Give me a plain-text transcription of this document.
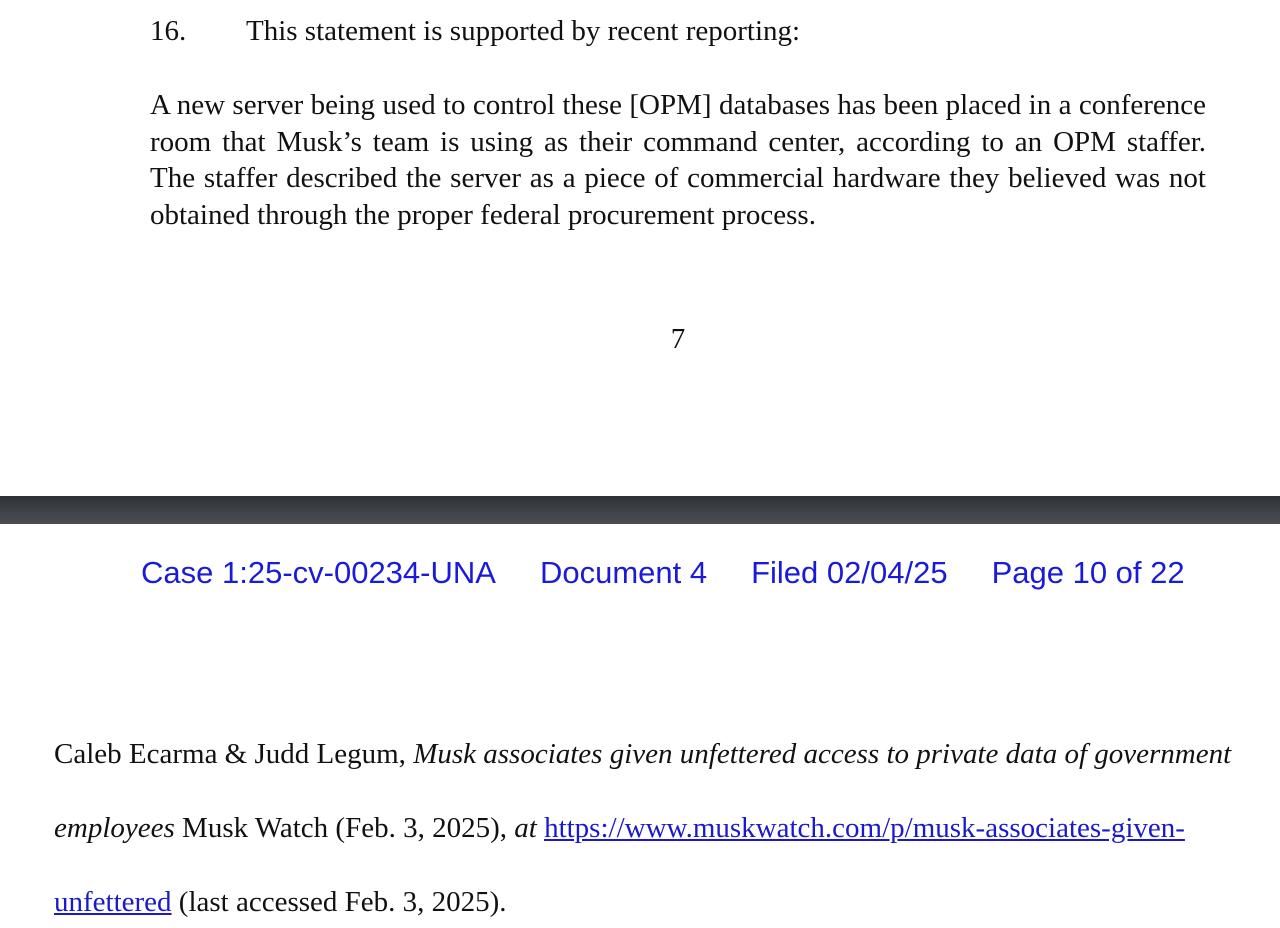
16. This statement is supported by recent reporting:

A new server being used to control these [OPM] databases has been placed in a conference room that Musk’s team is using as their command center, according to an OPM staffer. The staffer described the server as a piece of commercial hardware they believed was not obtained through the proper federal procurement process.

7
Case 1:25-cv-00234-UNA Document 4 Filed 02/04/25 Page 10 of 22

Caleb Ecarma & Judd Legum, Musk associates given unfettered access to private data of government employees Musk Watch (Feb. 3, 2025), at https://www.muskwatch.com/p/musk-associates-given-unfettered (last accessed Feb. 3, 2025).
